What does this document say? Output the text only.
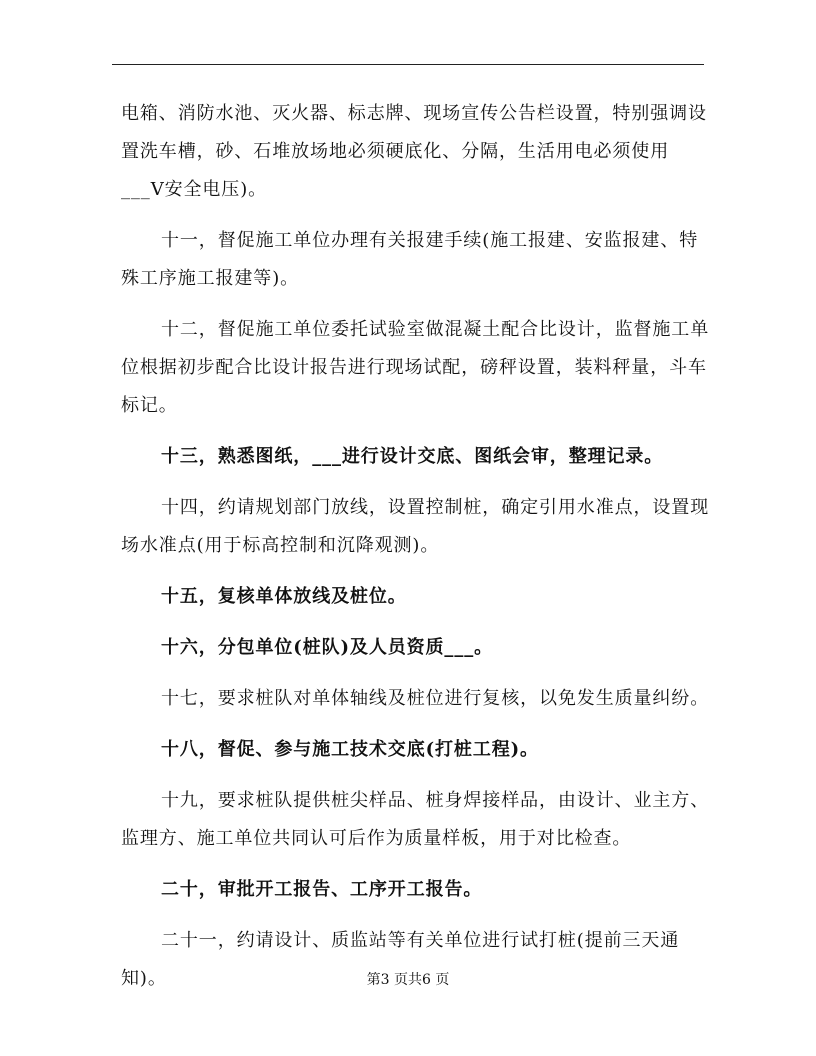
电箱、消防水池、灭火器、标志牌、现场宣传公告栏设置，特别强调设置洗车槽，砂、石堆放场地必须硬底化、分隔，生活用电必须使用___V安全电压)。

十一，督促施工单位办理有关报建手续(施工报建、安监报建、特殊工序施工报建等)。

十二，督促施工单位委托试验室做混凝土配合比设计，监督施工单位根据初步配合比设计报告进行现场试配，磅秤设置，装料秤量，斗车标记。

十三，熟悉图纸，___进行设计交底、图纸会审，整理记录。

十四，约请规划部门放线，设置控制桩，确定引用水准点，设置现场水准点(用于标高控制和沉降观测)。

十五，复核单体放线及桩位。

十六，分包单位(桩队)及人员资质___。

十七，要求桩队对单体轴线及桩位进行复核，以免发生质量纠纷。

十八，督促、参与施工技术交底(打桩工程)。

十九，要求桩队提供桩尖样品、桩身焊接样品，由设计、业主方、监理方、施工单位共同认可后作为质量样板，用于对比检查。

二十，审批开工报告、工序开工报告。

二十一，约请设计、质监站等有关单位进行试打桩(提前三天通知)。	第3 页共6 页
